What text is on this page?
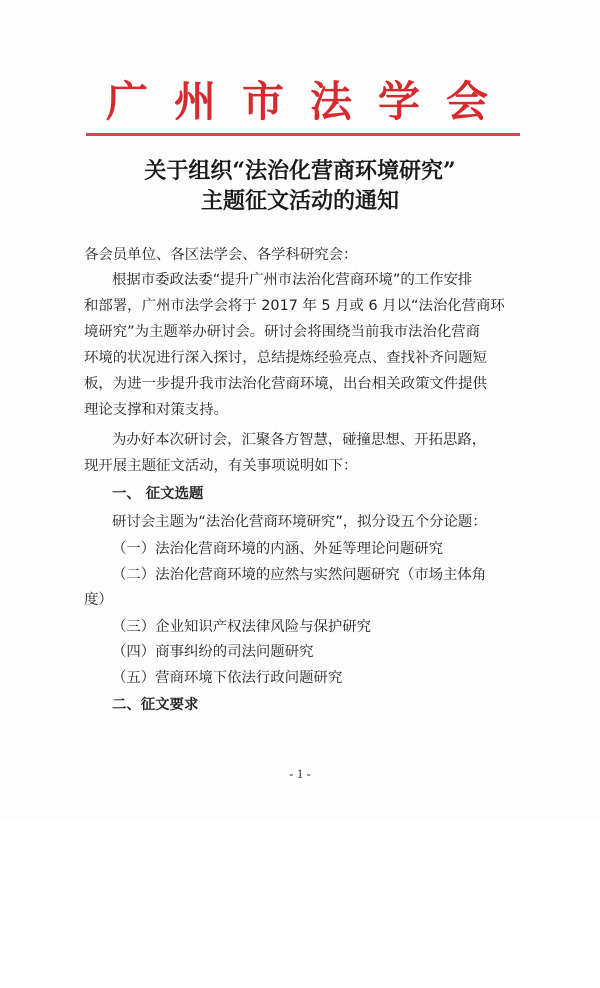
广州市法学会
关于组织“法治化营商环境研究”
主题征文活动的通知
各会员单位、各区法学会、各学科研究会：
根据市委政法委“提升广州市法治化营商环境”的工作安排
和部署，广州市法学会将于 2017 年 5 月或 6 月以“法治化营商环
境研究”为主题举办研讨会。研讨会将围绕当前我市法治化营商
环境的状况进行深入探讨，总结提炼经验亮点、查找补齐问题短
板，为进一步提升我市法治化营商环境，出台相关政策文件提供
理论支撑和对策支持。
为办好本次研讨会，汇聚各方智慧，碰撞思想、开拓思路，
现开展主题征文活动，有关事项说明如下：
一、 征文选题
研讨会主题为“法治化营商环境研究”，拟分设五个分论题：
（一）法治化营商环境的内涵、外延等理论问题研究
（二）法治化营商环境的应然与实然问题研究（市场主体角
度）
（三）企业知识产权法律风险与保护研究
（四）商事纠纷的司法问题研究
（五）营商环境下依法行政问题研究
二、征文要求
- 1 -
